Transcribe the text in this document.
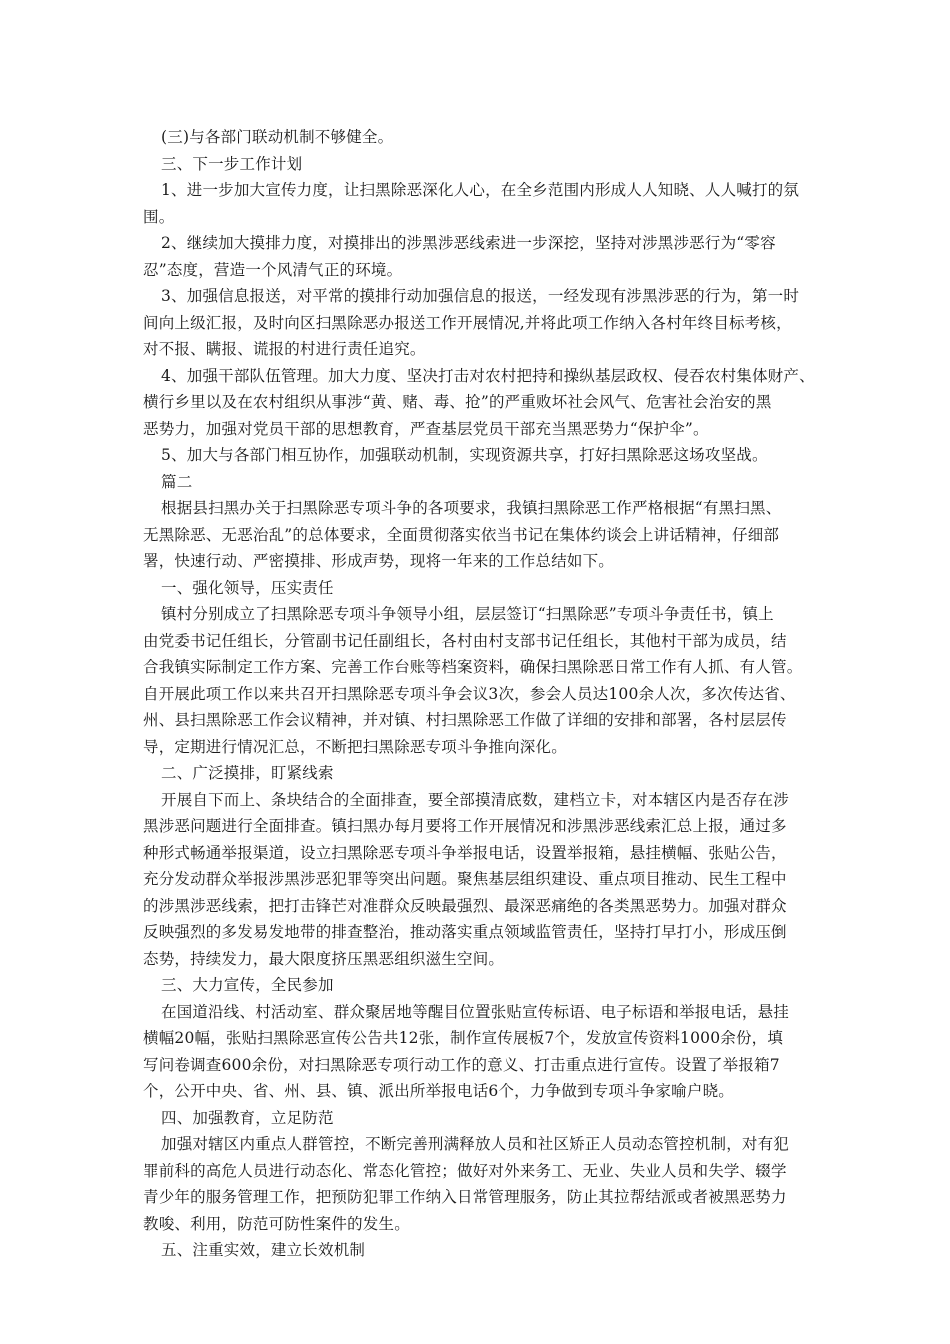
(三)与各部门联动机制不够健全。
三、下一步工作计划
1、进一步加大宣传力度，让扫黑除恶深化人心，在全乡范围内形成人人知晓、人人喊打的氛
围。
2、继续加大摸排力度，对摸排出的涉黑涉恶线索进一步深挖，坚持对涉黑涉恶行为“零容
忍”态度，营造一个风清气正的环境。
3、加强信息报送，对平常的摸排行动加强信息的报送，一经发现有涉黑涉恶的行为，第一时
间向上级汇报，及时向区扫黑除恶办报送工作开展情况,并将此项工作纳入各村年终目标考核，
对不报、瞒报、谎报的村进行责任追究。
4、加强干部队伍管理。加大力度、坚决打击对农村把持和操纵基层政权、侵吞农村集体财产、
横行乡里以及在农村组织从事涉“黄、赌、毒、抢”的严重败坏社会风气、危害社会治安的黑
恶势力，加强对党员干部的思想教育，严查基层党员干部充当黑恶势力“保护伞”。
5、加大与各部门相互协作，加强联动机制，实现资源共享，打好扫黑除恶这场攻坚战。
篇二
根据县扫黑办关于扫黑除恶专项斗争的各项要求，我镇扫黑除恶工作严格根据“有黑扫黑、
无黑除恶、无恶治乱”的总体要求，全面贯彻落实依当书记在集体约谈会上讲话精神，仔细部
署，快速行动、严密摸排、形成声势，现将一年来的工作总结如下。
一、强化领导，压实责任
镇村分别成立了扫黑除恶专项斗争领导小组，层层签订“扫黑除恶”专项斗争责任书，镇上
由党委书记任组长，分管副书记任副组长，各村由村支部书记任组长，其他村干部为成员，结
合我镇实际制定工作方案、完善工作台账等档案资料，确保扫黑除恶日常工作有人抓、有人管。
自开展此项工作以来共召开扫黑除恶专项斗争会议3次，参会人员达100余人次，多次传达省、
州、县扫黑除恶工作会议精神，并对镇、村扫黑除恶工作做了详细的安排和部署，各村层层传
导，定期进行情况汇总，不断把扫黑除恶专项斗争推向深化。
二、广泛摸排，盯紧线索
开展自下而上、条块结合的全面排查，要全部摸清底数，建档立卡，对本辖区内是否存在涉
黑涉恶问题进行全面排查。镇扫黑办每月要将工作开展情况和涉黑涉恶线索汇总上报，通过多
种形式畅通举报渠道，设立扫黑除恶专项斗争举报电话，设置举报箱，悬挂横幅、张贴公告，
充分发动群众举报涉黑涉恶犯罪等突出问题。聚焦基层组织建设、重点项目推动、民生工程中
的涉黑涉恶线索，把打击锋芒对准群众反映最强烈、最深恶痛绝的各类黑恶势力。加强对群众
反映强烈的多发易发地带的排查整治，推动落实重点领域监管责任，坚持打早打小，形成压倒
态势，持续发力，最大限度挤压黑恶组织滋生空间。
三、大力宣传，全民参加
在国道沿线、村活动室、群众聚居地等醒目位置张贴宣传标语、电子标语和举报电话，悬挂
横幅20幅，张贴扫黑除恶宣传公告共12张，制作宣传展板7个，发放宣传资料1000余份，填
写问卷调查600余份，对扫黑除恶专项行动工作的意义、打击重点进行宣传。设置了举报箱7
个，公开中央、省、州、县、镇、派出所举报电话6个，力争做到专项斗争家喻户晓。
四、加强教育，立足防范
加强对辖区内重点人群管控，不断完善刑满释放人员和社区矫正人员动态管控机制，对有犯
罪前科的高危人员进行动态化、常态化管控；做好对外来务工、无业、失业人员和失学、辍学
青少年的服务管理工作，把预防犯罪工作纳入日常管理服务，防止其拉帮结派或者被黑恶势力
教唆、利用，防范可防性案件的发生。
五、注重实效，建立长效机制
